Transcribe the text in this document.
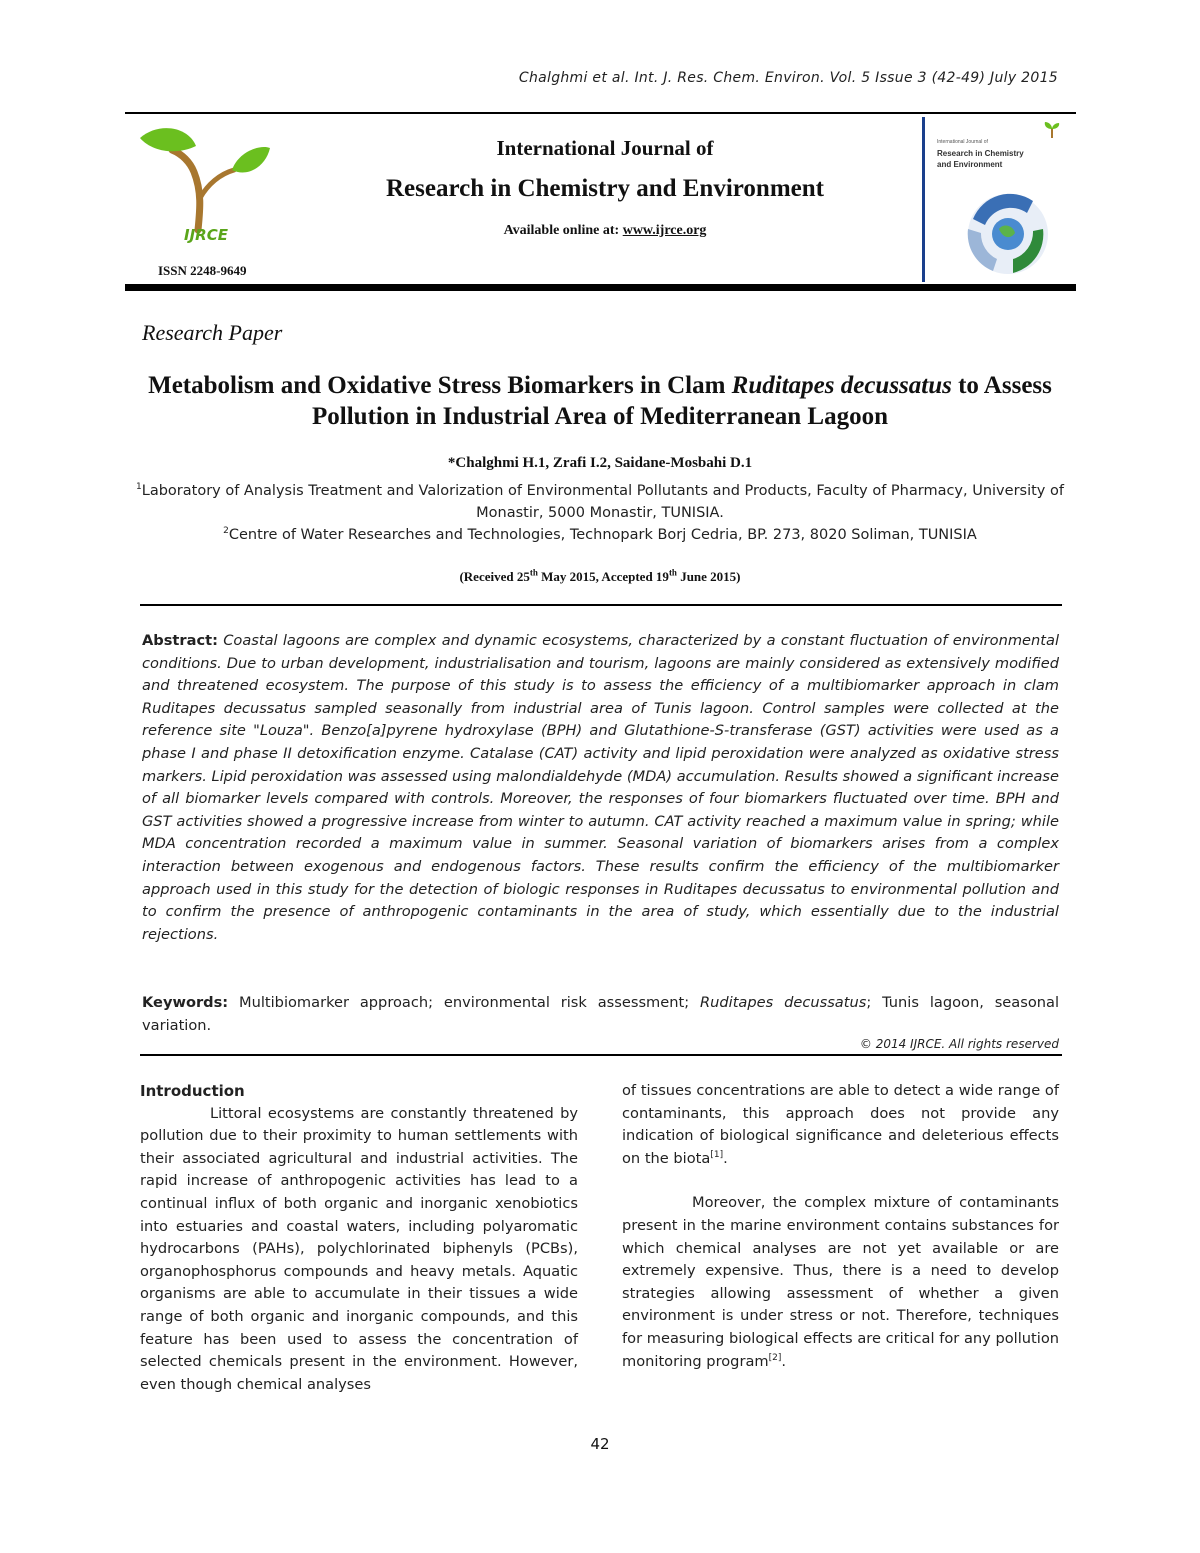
Chalghmi et al. Int. J. Res. Chem. Environ. Vol. 5 Issue 3 (42-49) July 2015
IJRCE
ISSN 2248-9649
International Journal of
Research in Chemistry and Environment
Available online at: www.ijrce.org
International Journal of
Research in Chemistry
and Environment
Research Paper
Metabolism and Oxidative Stress Biomarkers in Clam Ruditapes decussatus to Assess Pollution in Industrial Area of Mediterranean Lagoon
*Chalghmi H.1, Zrafi I.2, Saidane-Mosbahi D.1
$^1$Laboratory of Analysis Treatment and Valorization of Environmental Pollutants and Products, Faculty of Pharmacy, University of Monastir, 5000 Monastir, TUNISIA.
$^2$Centre of Water Researches and Technologies, Technopark Borj Cedria, BP. 273, 8020 Soliman, TUNISIA
(Received 25th May 2015, Accepted 19th June 2015)
Abstract: Coastal lagoons are complex and dynamic ecosystems, characterized by a constant fluctuation of environmental conditions. Due to urban development, industrialisation and tourism, lagoons are mainly considered as extensively modified and threatened ecosystem. The purpose of this study is to assess the efficiency of a multibiomarker approach in clam Ruditapes decussatus sampled seasonally from industrial area of Tunis lagoon. Control samples were collected at the reference site "Louza". Benzo[a]pyrene hydroxylase (BPH) and Glutathione-S-transferase (GST) activities were used as a phase I and phase II detoxification enzyme. Catalase (CAT) activity and lipid peroxidation were analyzed as oxidative stress markers. Lipid peroxidation was assessed using malondialdehyde (MDA) accumulation. Results showed a significant increase of all biomarker levels compared with controls. Moreover, the responses of four biomarkers fluctuated over time. BPH and GST activities showed a progressive increase from winter to autumn. CAT activity reached a maximum value in spring; while MDA concentration recorded a maximum value in summer. Seasonal variation of biomarkers arises from a complex interaction between exogenous and endogenous factors. These results confirm the efficiency of the multibiomarker approach used in this study for the detection of biologic responses in Ruditapes decussatus to environmental pollution and to confirm the presence of anthropogenic contaminants in the area of study, which essentially due to the industrial rejections.
Keywords: Multibiomarker approach; environmental risk assessment; Ruditapes decussatus; Tunis lagoon, seasonal variation.
© 2014 IJRCE. All rights reserved
Introduction

Littoral ecosystems are constantly threatened by pollution due to their proximity to human settlements with their associated agricultural and industrial activities. The rapid increase of anthropogenic activities has lead to a continual influx of both organic and inorganic xenobiotics into estuaries and coastal waters, including polyaromatic hydrocarbons (PAHs), polychlorinated biphenyls (PCBs), organophosphorus compounds and heavy metals. Aquatic organisms are able to accumulate in their tissues a wide range of both organic and inorganic compounds, and this feature has been used to assess the concentration of selected chemicals present in the environment. However, even though chemical analyses

of tissues concentrations are able to detect a wide range of contaminants, this approach does not provide any indication of biological significance and deleterious effects on the biota[1].

Moreover, the complex mixture of contaminants present in the marine environment contains substances for which chemical analyses are not yet available or are extremely expensive. Thus, there is a need to develop strategies allowing assessment of whether a given environment is under stress or not. Therefore, techniques for measuring biological effects are critical for any pollution monitoring program[2].

42
